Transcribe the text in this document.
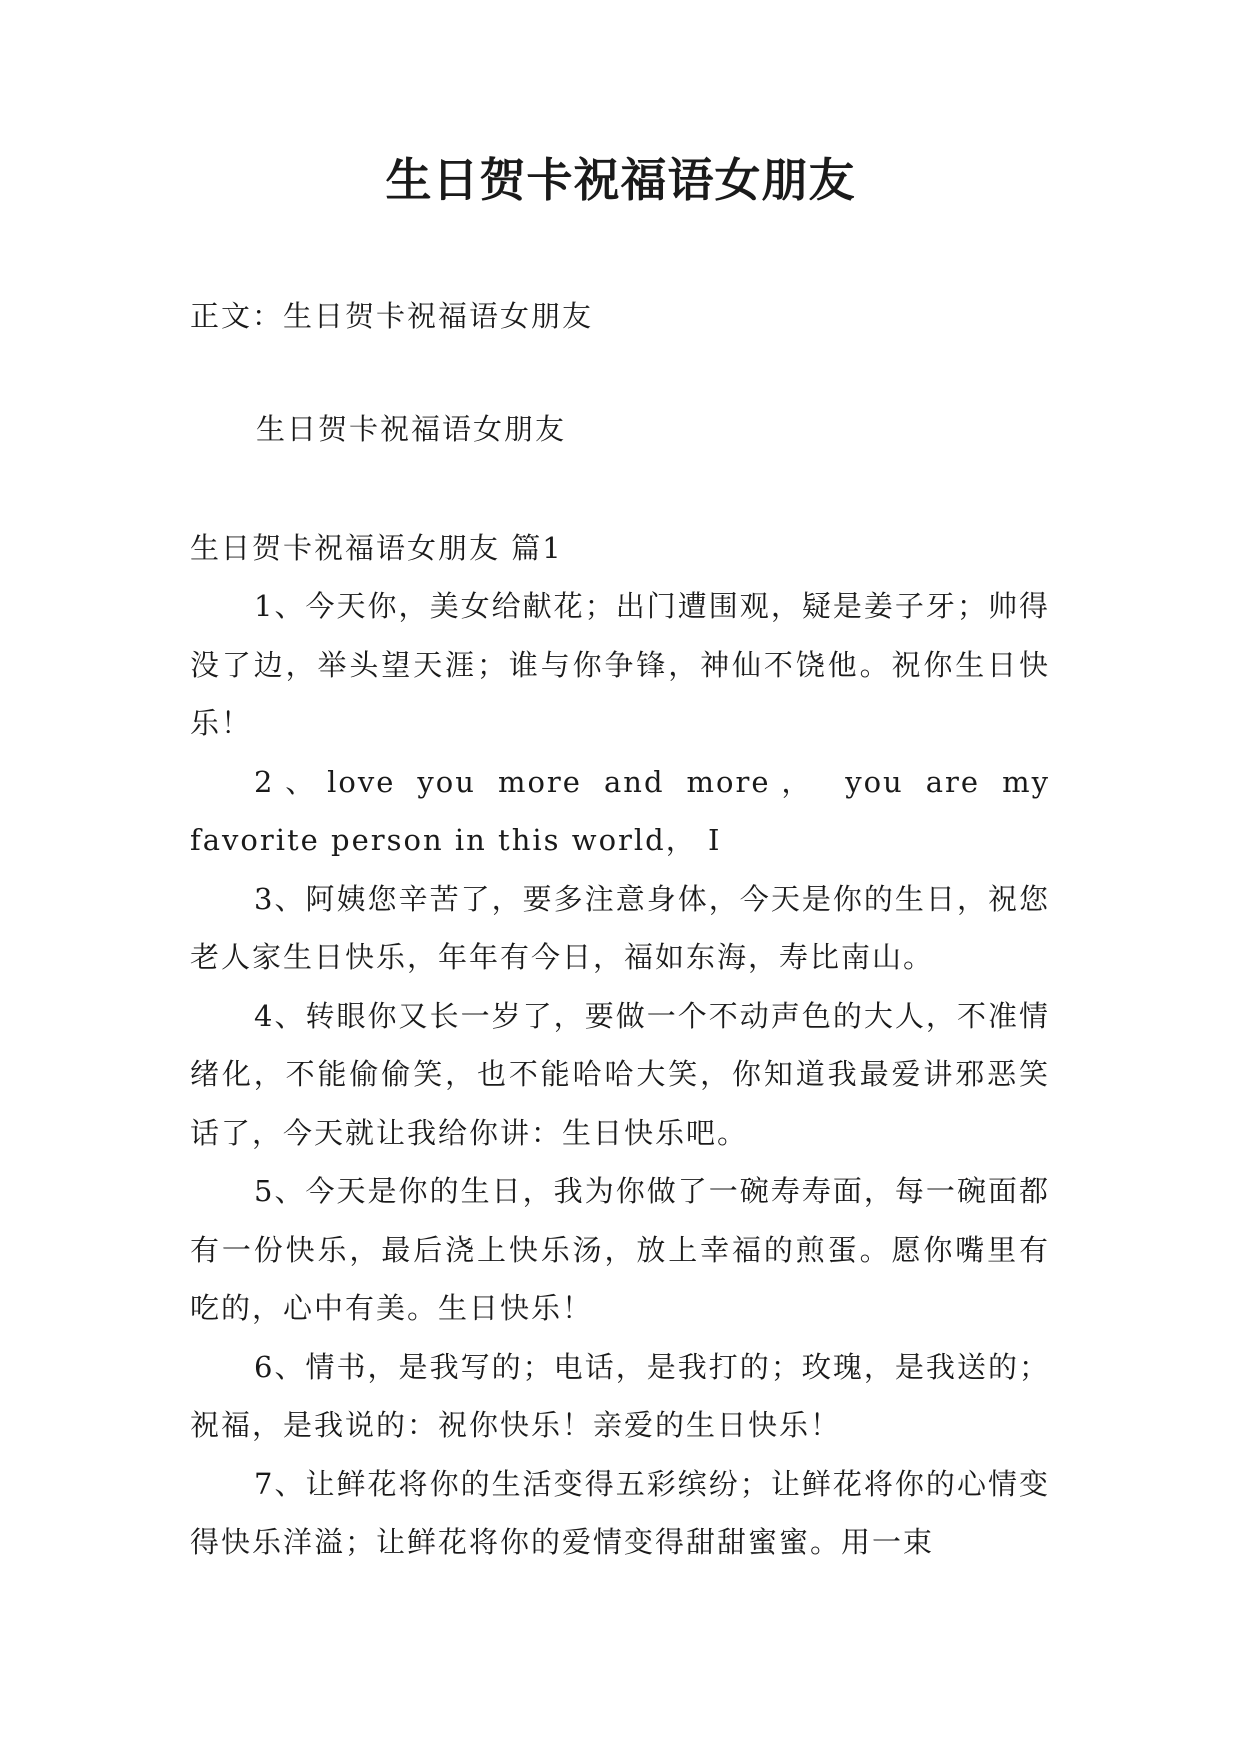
生日贺卡祝福语女朋友
正文：生日贺卡祝福语女朋友
生日贺卡祝福语女朋友
生日贺卡祝福语女朋友 篇1

1、今天你，美女给献花；出门遭围观，疑是姜子牙；帅得没了边，举头望天涯；谁与你争锋，神仙不饶他。祝你生日快乐！

2、love you more and more， you are my favorite person in this world， I

3、阿姨您辛苦了，要多注意身体，今天是你的生日，祝您老人家生日快乐，年年有今日，福如东海，寿比南山。

4、转眼你又长一岁了，要做一个不动声色的大人，不准情绪化，不能偷偷笑，也不能哈哈大笑，你知道我最爱讲邪恶笑话了，今天就让我给你讲：生日快乐吧。

5、今天是你的生日，我为你做了一碗寿寿面，每一碗面都有一份快乐，最后浇上快乐汤，放上幸福的煎蛋。愿你嘴里有吃的，心中有美。生日快乐！

6、情书，是我写的；电话，是我打的；玫瑰，是我送的；祝福，是我说的：祝你快乐！亲爱的生日快乐！

7、让鲜花将你的生活变得五彩缤纷；让鲜花将你的心情变得快乐洋溢；让鲜花将你的爱情变得甜甜蜜蜜。用一束
